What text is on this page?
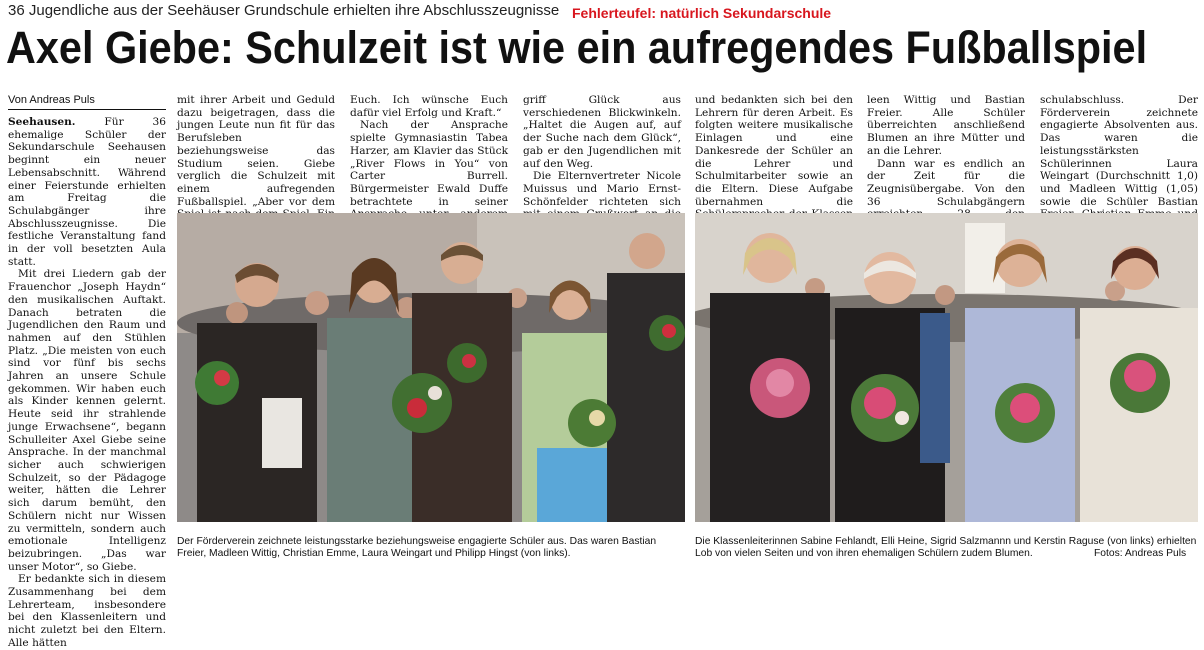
36 Jugendliche aus der Seehäuser Grundschule erhielten ihre Abschlusszeugnisse Fehlerteufel: natürlich Sekundarschule
Axel Giebe: Schulzeit ist wie ein aufregendes Fußballspiel
Von Andreas Puls

Seehausen. Für 36 ehemalige Schüler der Sekundarschule Seehausen beginnt ein neuer Lebensabschnitt. Während einer Feierstunde erhielten am Freitag die Schulabgänger ihre Abschlusszeugnisse. Die festliche Veranstaltung fand in der voll besetzten Aula statt.

Mit drei Liedern gab der Frauenchor „Joseph Haydn“ den musikalischen Auftakt. Danach betraten die Jugendlichen den Raum und nahmen auf den Stühlen Platz. „Die meisten von euch sind vor fünf bis sechs Jahren an unsere Schule gekommen. Wir haben euch als Kinder kennen gelernt. Heute seid ihr strahlende junge Erwachsene“, begann Schulleiter Axel Giebe seine Ansprache. In der manchmal sicher auch schwierigen Schulzeit, so der Pädagoge weiter, hätten die Lehrer sich darum bemüht, den Schülern nicht nur Wissen zu vermitteln, sondern auch emotionale Intelligenz beizubringen. „Das war unser Motor“, so Giebe.

Er bedankte sich in diesem Zusammenhang bei dem Lehrerteam, insbesondere bei den Klassenleitern und nicht zuletzt bei den Eltern. Alle hätten

mit ihrer Arbeit und Geduld dazu beigetragen, dass die jungen Leute nun fit für das Berufsleben beziehungsweise das Studium seien. Giebe verglich die Schulzeit mit einem aufregenden Fußballspiel. „Aber vor dem

Euch. Ich wünsche Euch dafür viel Erfolg und Kraft.“

Nach der Ansprache spielte Gymnasiastin Tabea Harzer, am Klavier das Stück „River Flows in You“ von Carter Burrell. Bürgermeister Ewald Duffe betrachtete in seiner

griff Glück aus verschiedenen Blickwinkeln. „Haltet die Augen auf, auf der Suche nach dem Glück“, gab er den Jugendlichen mit auf den Weg.

Die Elternvertreter Nicole Muissus und Mario Ernst-Schönfelder richteten sich

und bedankten sich bei den Lehrern für deren Arbeit. Es folgten weitere musikalische Einlagen und eine Dankesrede der Schüler an die Lehrer und Schulmitarbeiter sowie an die Eltern. Diese Aufgabe übernahmen die

leen Wittig und Bastian Freier. Alle Schüler überreichten anschließend Blumen an ihre Mütter und an die Lehrer.

Dann war es endlich an der Zeit für die Zeugnisübergabe. Von den 36 Schulabgängern

schulabschluss. Der Förderverein zeichnete engagierte Absolventen aus. Das waren die leistungsstärksten Schülerinnen Laura Weingart (Durchschnitt 1,0) und Madleen Wittig (1,05) sowie die Schüler Bastian

Der Förderverein zeichnete leistungsstarke beziehungsweise engagierte Schüler aus. Das waren Bastian Freier, Madleen Wittig, Christian Emme, Laura Weingart und Philipp Hingst (von links).
Die Klassenleiterinnen Sabine Fehlandt, Elli Heine, Sigrid Salzmannn und Kerstin Raguse (von links) erhielten Lob von vielen Seiten und von ihren ehemaligen Schülern zudem Blumen.	Fotos: Andreas Puls
